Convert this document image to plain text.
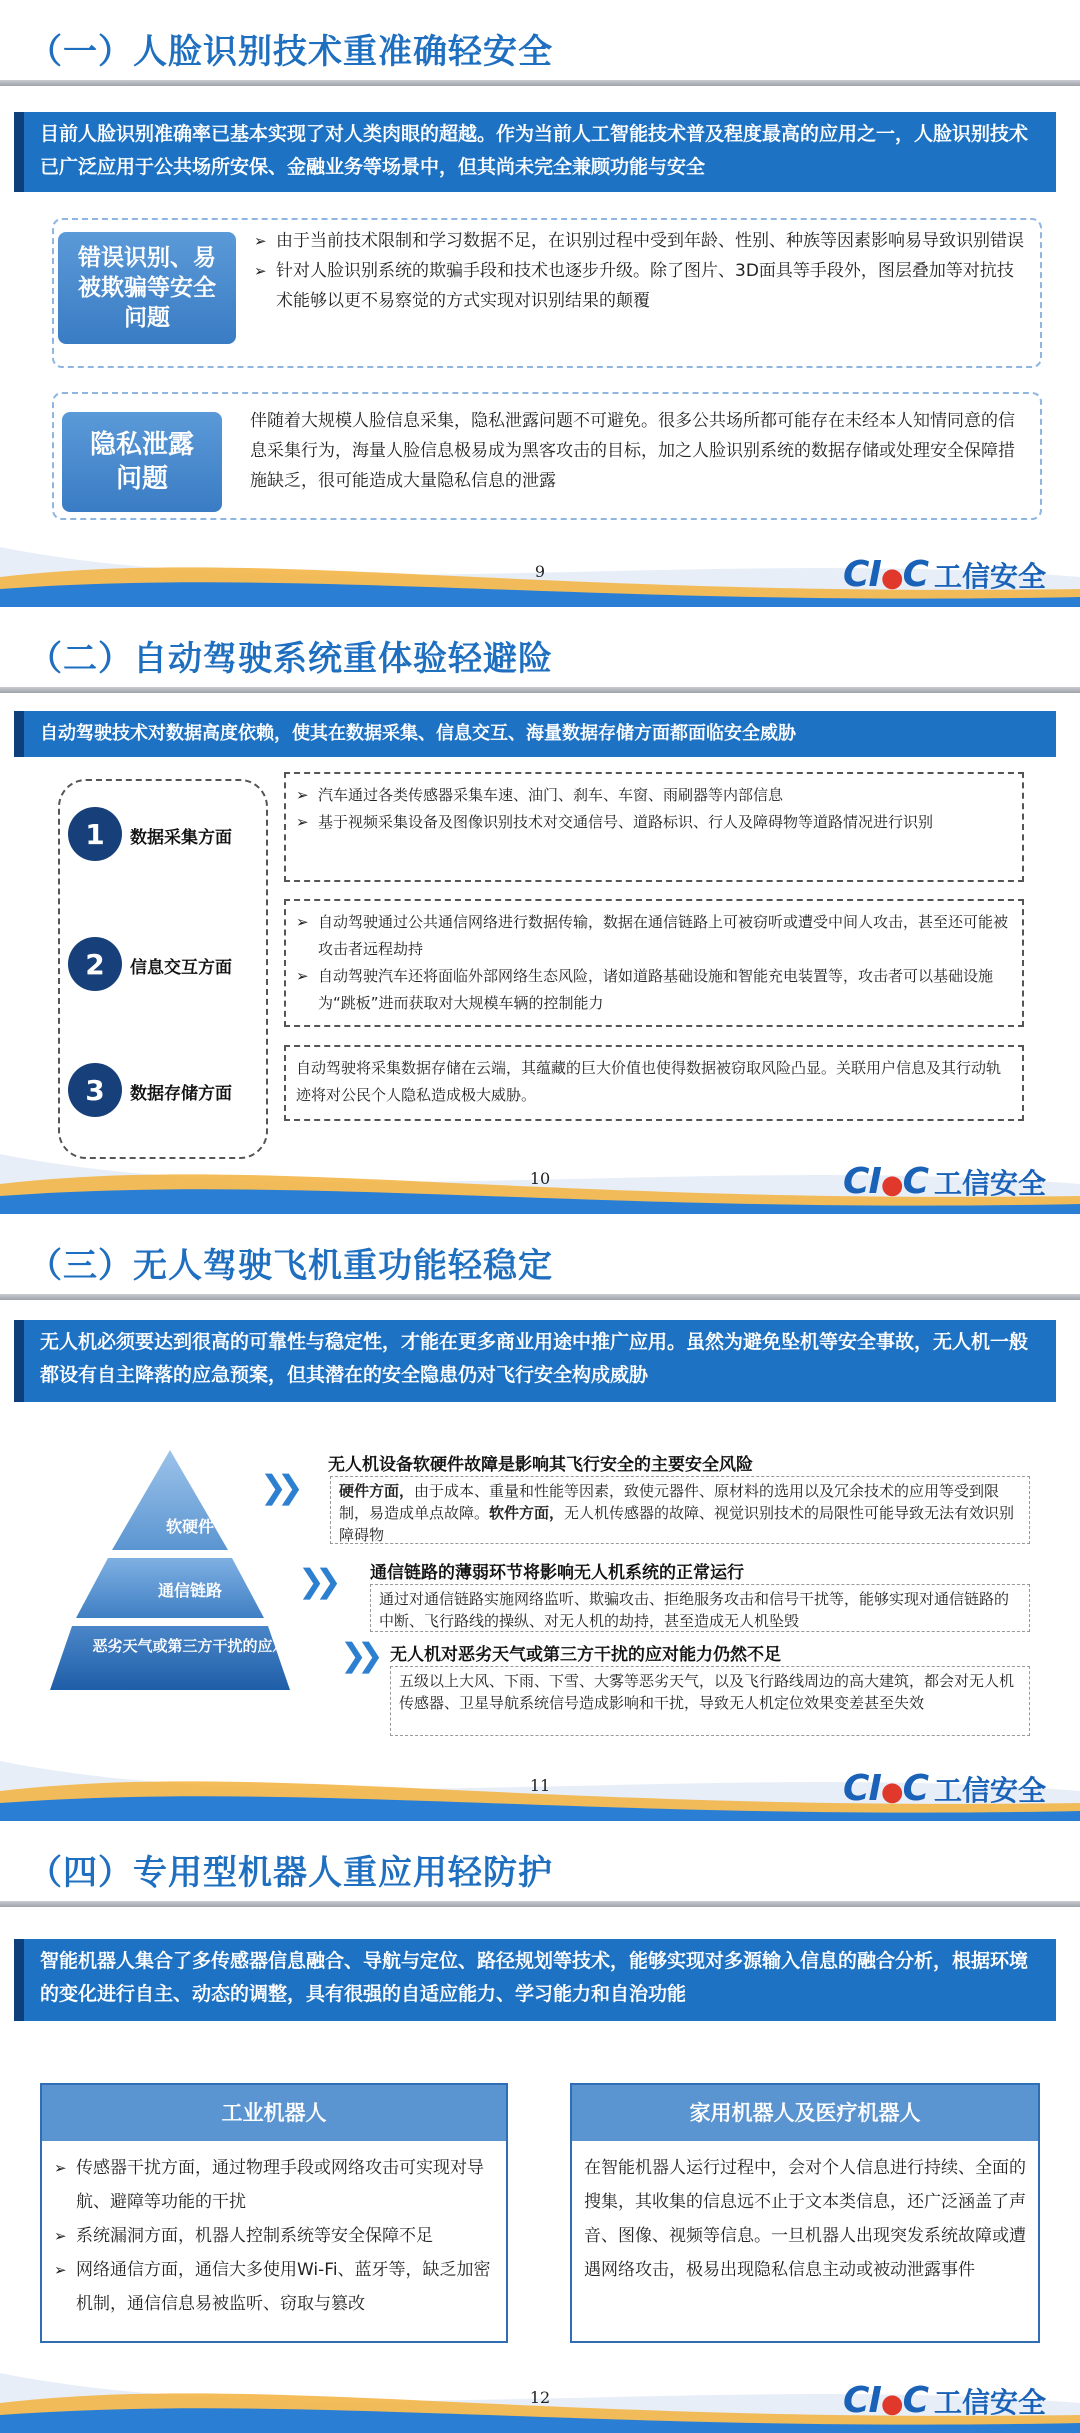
（一）人脸识别技术重准确轻安全
目前人脸识别准确率已基本实现了对人类肉眼的超越。作为当前人工智能技术普及程度最高的应用之一，人脸识别技术已广泛应用于公共场所安保、金融业务等场景中，但其尚未完全兼顾功能与安全
错误识别、易被欺骗等安全问题
➢ 由于当前技术限制和学习数据不足，在识别过程中受到年龄、性别、种族等因素影响易导致识别错误
➢ 针对人脸识别系统的欺骗手段和技术也逐步升级。除了图片、3D面具等手段外，图层叠加等对抗技术能够以更不易察觉的方式实现对识别结果的颠覆
隐私泄露问题
伴随着大规模人脸信息采集，隐私泄露问题不可避免。很多公共场所都可能存在未经本人知情同意的信息采集行为，海量人脸信息极易成为黑客攻击的目标，加之人脸识别系统的数据存储或处理安全保障措施缺乏，很可能造成大量隐私信息的泄露
9	CI●C 工信安全
（二）自动驾驶系统重体验轻避险
自动驾驶技术对数据高度依赖，使其在数据采集、信息交互、海量数据存储方面都面临安全威胁
1	数据采集方面
➢ 汽车通过各类传感器采集车速、油门、刹车、车窗、雨刷器等内部信息
➢ 基于视频采集设备及图像识别技术对交通信号、道路标识、行人及障碍物等道路情况进行识别
2	信息交互方面
➢ 自动驾驶通过公共通信网络进行数据传输，数据在通信链路上可被窃听或遭受中间人攻击，甚至还可能被攻击者远程劫持
➢ 自动驾驶汽车还将面临外部网络生态风险，诸如道路基础设施和智能充电装置等，攻击者可以基础设施为“跳板”进而获取对大规模车辆的控制能力
3	数据存储方面
自动驾驶将采集数据存储在云端，其蕴藏的巨大价值也使得数据被窃取风险凸显。关联用户信息及其行动轨迹将对公民个人隐私造成极大威胁。
10	CI●C 工信安全
（三）无人驾驶飞机重功能轻稳定
无人机必须要达到很高的可靠性与稳定性，才能在更多商业用途中推广应用。虽然为避免坠机等安全事故，无人机一般都设有自主降落的应急预案，但其潜在的安全隐患仍对飞行安全构成威胁
软硬件
通信链路
恶劣天气或第三方干扰的应对
❯❯
❯❯
❯❯
无人机设备软硬件故障是影响其飞行安全的主要安全风险
硬件方面，由于成本、重量和性能等因素，致使元器件、原材料的选用以及冗余技术的应用等受到限制，易造成单点故障。软件方面，无人机传感器的故障、视觉识别技术的局限性可能导致无法有效识别障碍物
通信链路的薄弱环节将影响无人机系统的正常运行
通过对通信链路实施网络监听、欺骗攻击、拒绝服务攻击和信号干扰等，能够实现对通信链路的中断、飞行路线的操纵、对无人机的劫持，甚至造成无人机坠毁
无人机对恶劣天气或第三方干扰的应对能力仍然不足
五级以上大风、下雨、下雪、大雾等恶劣天气，以及飞行路线周边的高大建筑，都会对无人机传感器、卫星导航系统信号造成影响和干扰，导致无人机定位效果变差甚至失效
11	CI●C 工信安全
（四）专用型机器人重应用轻防护
智能机器人集合了多传感器信息融合、导航与定位、路径规划等技术，能够实现对多源输入信息的融合分析，根据环境的变化进行自主、动态的调整，具有很强的自适应能力、学习能力和自治功能
工业机器人
➢ 传感器干扰方面，通过物理手段或网络攻击可实现对导航、避障等功能的干扰
➢ 系统漏洞方面，机器人控制系统等安全保障不足
➢ 网络通信方面，通信大多使用Wi-Fi、蓝牙等，缺乏加密机制，通信信息易被监听、窃取与篡改
家用机器人及医疗机器人
在智能机器人运行过程中，会对个人信息进行持续、全面的搜集，其收集的信息远不止于文本类信息，还广泛涵盖了声音、图像、视频等信息。一旦机器人出现突发系统故障或遭遇网络攻击，极易出现隐私信息主动或被动泄露事件
12	CI●C 工信安全
